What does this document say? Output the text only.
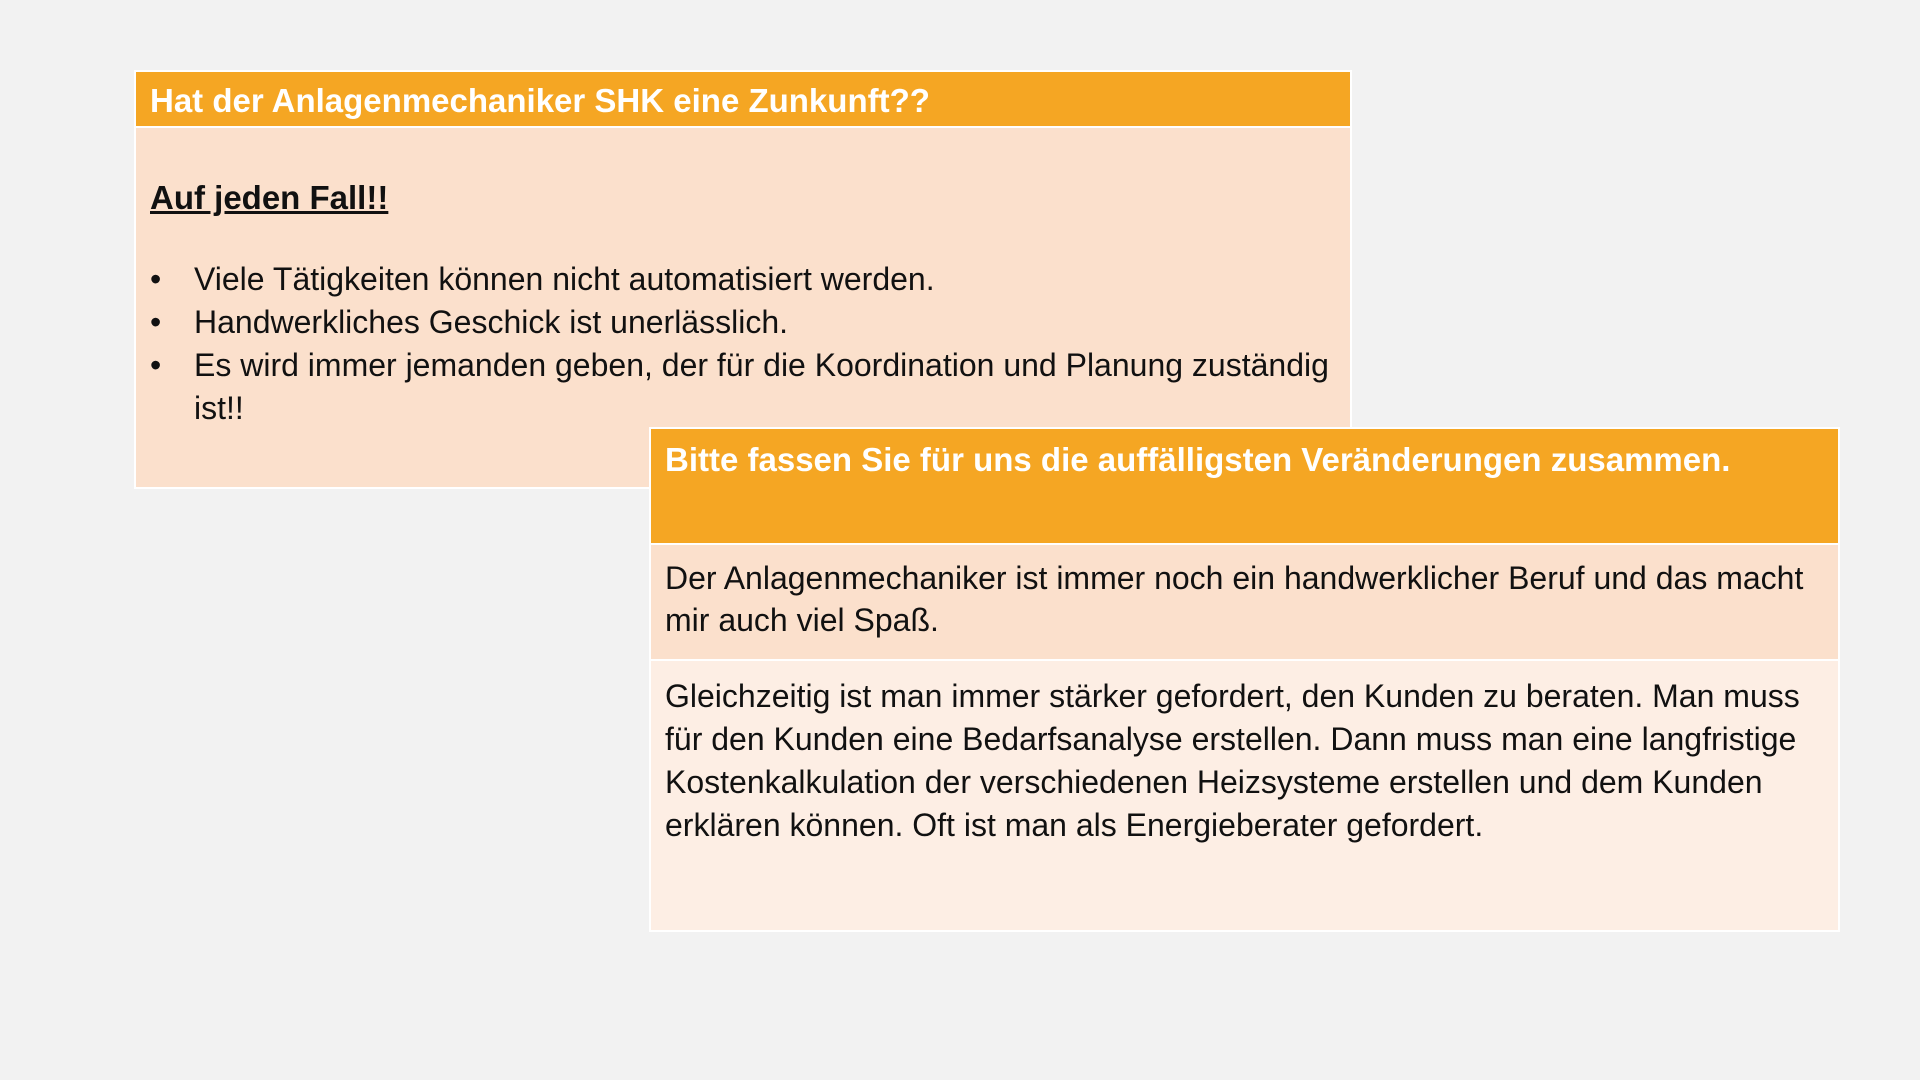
Hat der Anlagenmechaniker SHK eine Zunkunft??

Auf jeden Fall!!

• Viele Tätigkeiten können nicht automatisiert werden.
• Handwerkliches Geschick ist unerlässlich.
• Es wird immer jemanden geben, der für die Koordination und Planung zuständig ist!!
Bitte fassen Sie für uns die auffälligsten Veränderungen zusammen.

Der Anlagenmechaniker ist immer noch ein handwerklicher Beruf und das macht mir auch viel Spaß.

Gleichzeitig ist man immer stärker gefordert, den Kunden zu beraten. Man muss für den Kunden eine Bedarfsanalyse erstellen. Dann muss man eine langfristige Kostenkalkulation der verschiedenen Heizsysteme erstellen und dem Kunden erklären können. Oft ist man als Energieberater gefordert.
